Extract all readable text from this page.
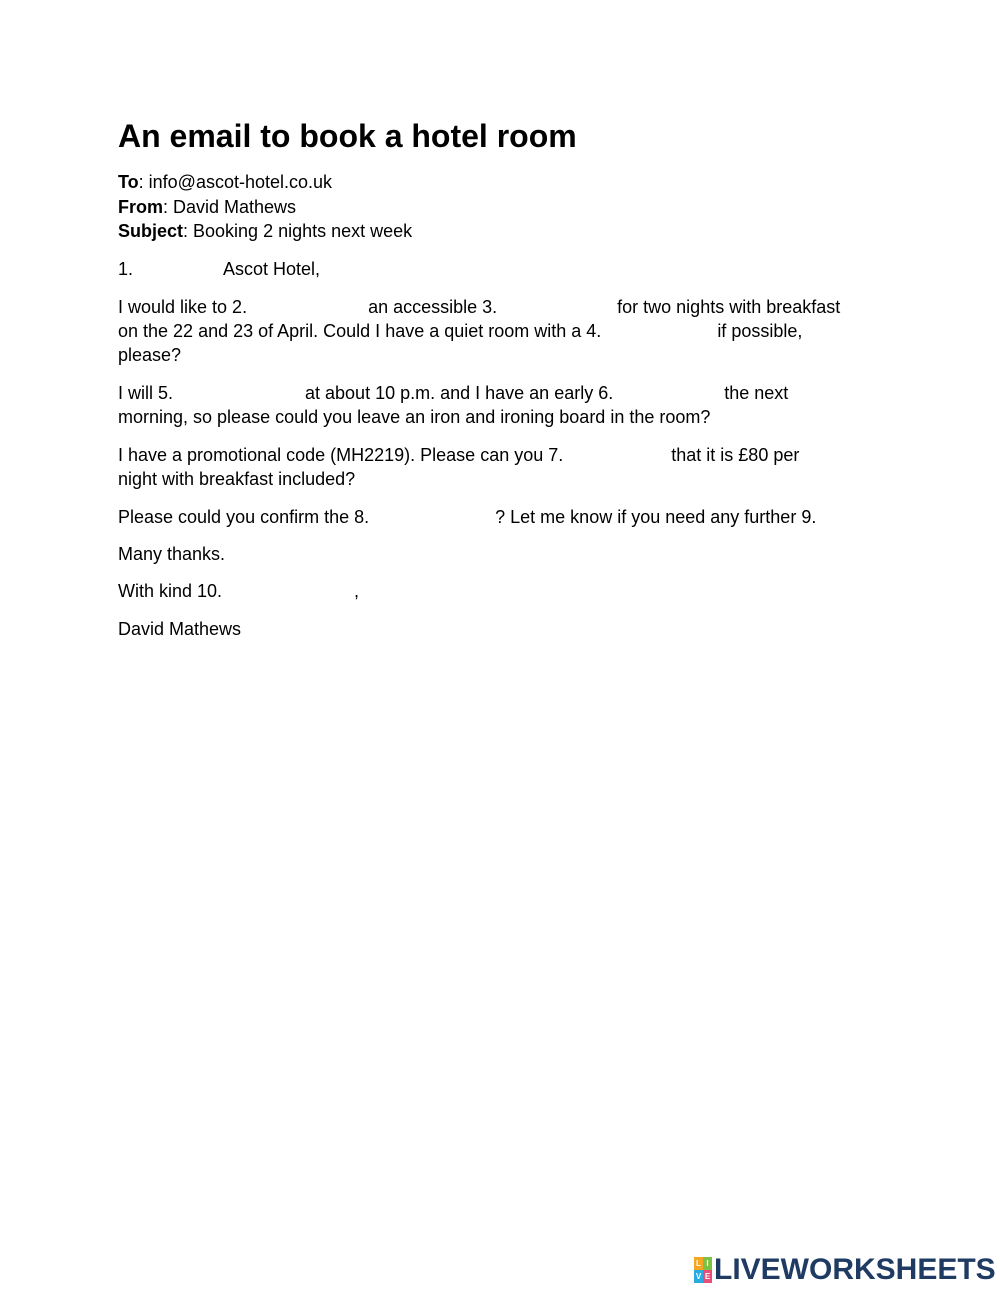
An email to book a hotel room
To: info@ascot-hotel.co.uk
From: David Mathews
Subject: Booking 2 nights next week
1.	Ascot Hotel,
I would like to 2.	an accessible 3.	for two nights with breakfast
on the 22 and 23 of April. Could I have a quiet room with a 4.	if possible,
please?
I will 5.	at about 10 p.m. and I have an early 6.	the next
morning, so please could you leave an iron and ironing board in the room?
I have a promotional code (MH2219). Please can you 7.	that it is £80 per
night with breakfast included?
Please could you confirm the 8.	? Let me know if you need any further 9.
Many thanks.
With kind 10.	,
David Mathews
L I
V E LIVEWORKSHEETS
